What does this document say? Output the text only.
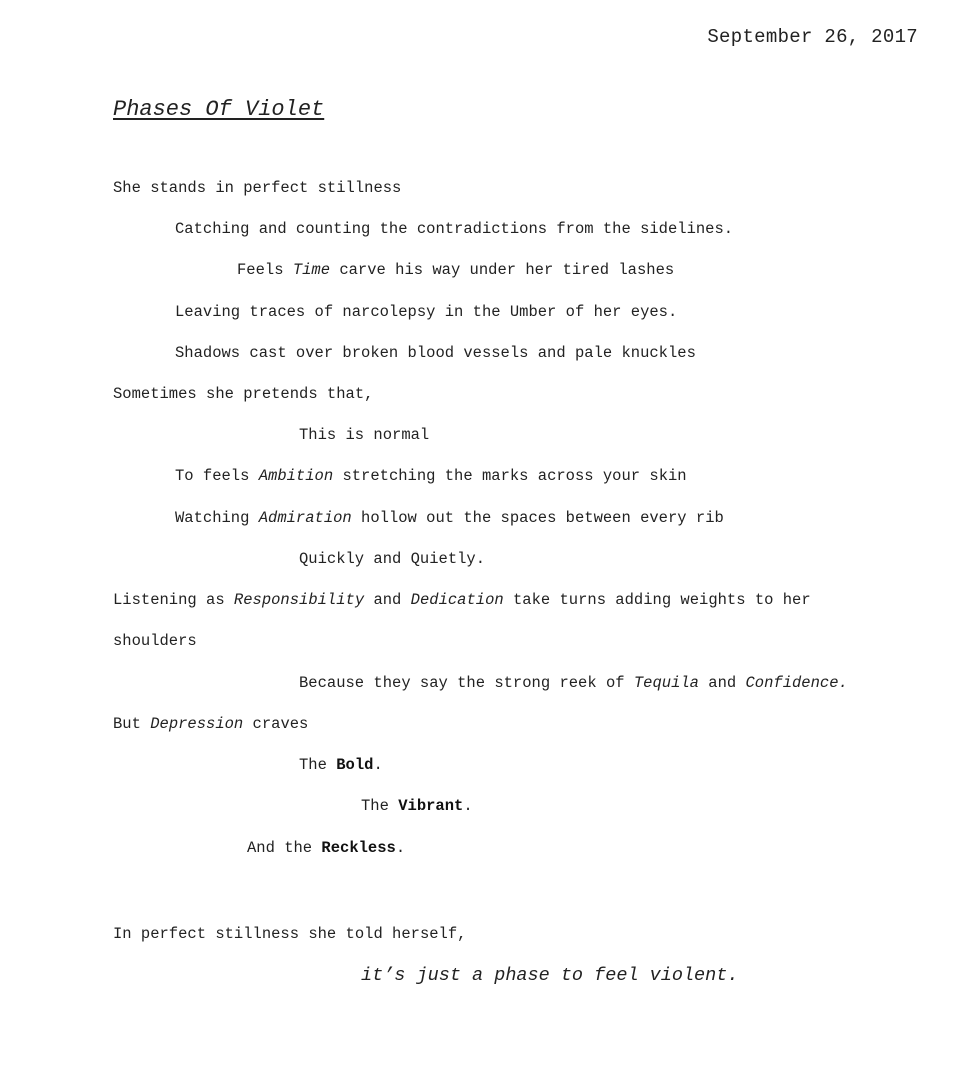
September 26, 2017
Phases Of Violet
She stands in perfect stillness
Catching and counting the contradictions from the sidelines.
Feels Time carve his way under her tired lashes
Leaving traces of narcolepsy in the Umber of her eyes.
Shadows cast over broken blood vessels and pale knuckles
Sometimes she pretends that,
This is normal
To feels Ambition stretching the marks across your skin
Watching Admiration hollow out the spaces between every rib
Quickly and Quietly.
Listening as Responsibility and Dedication take turns adding weights to her
shoulders
Because they say the strong reek of Tequila and Confidence.
But Depression craves
The Bold.
The Vibrant.
And the Reckless.
In perfect stillness she told herself,
it’s just a phase to feel violent.
